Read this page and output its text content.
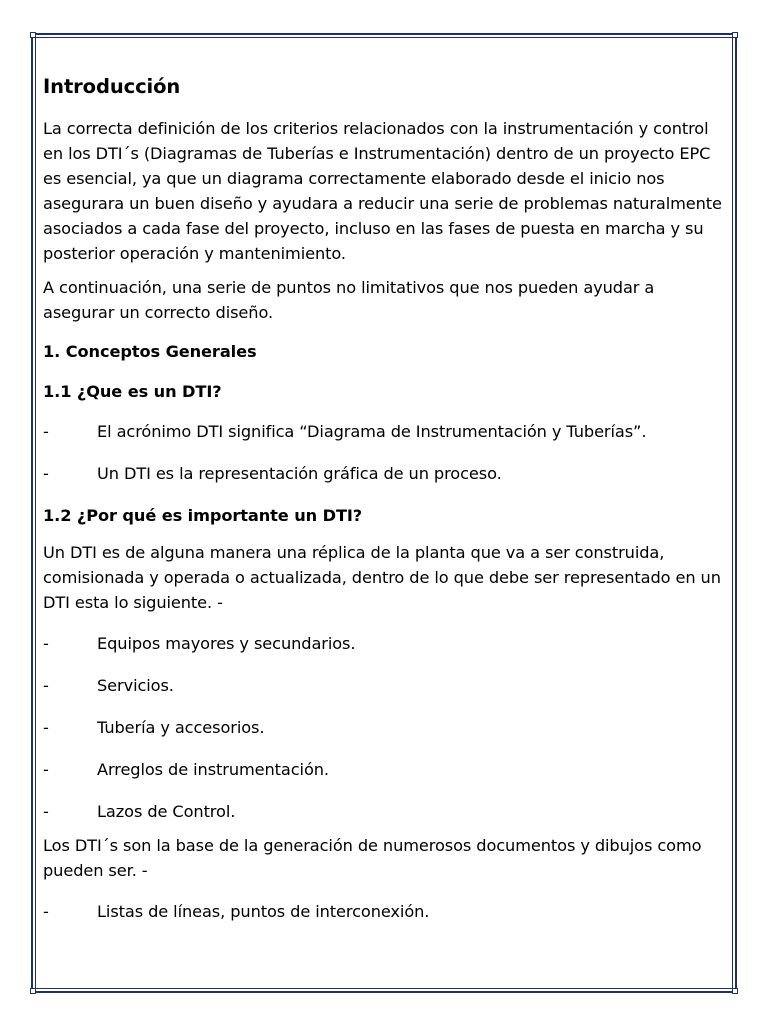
Introducción
La correcta definición de los criterios relacionados con la instrumentación y control en los DTI´s (Diagramas de Tuberías e Instrumentación) dentro de un proyecto EPC es esencial, ya que un diagrama correctamente elaborado desde el inicio nos asegurara un buen diseño y ayudara a reducir una serie de problemas naturalmente asociados a cada fase del proyecto, incluso en las fases de puesta en marcha y su posterior operación y mantenimiento.
A continuación, una serie de puntos no limitativos que nos pueden ayudar a asegurar un correcto diseño.
1. Conceptos Generales
1.1 ¿Que es un DTI?
-	El acrónimo DTI significa “Diagrama de Instrumentación y Tuberías”.
-	Un DTI es la representación gráfica de un proceso.
1.2 ¿Por qué es importante un DTI?
Un DTI es de alguna manera una réplica de la planta que va a ser construida, comisionada y operada o actualizada, dentro de lo que debe ser representado en un DTI esta lo siguiente. -
-	Equipos mayores y secundarios.
-	Servicios.
-	Tubería y accesorios.
-	Arreglos de instrumentación.
-	Lazos de Control.
Los DTI´s son la base de la generación de numerosos documentos y dibujos como pueden ser. -
-	Listas de líneas, puntos de interconexión.
